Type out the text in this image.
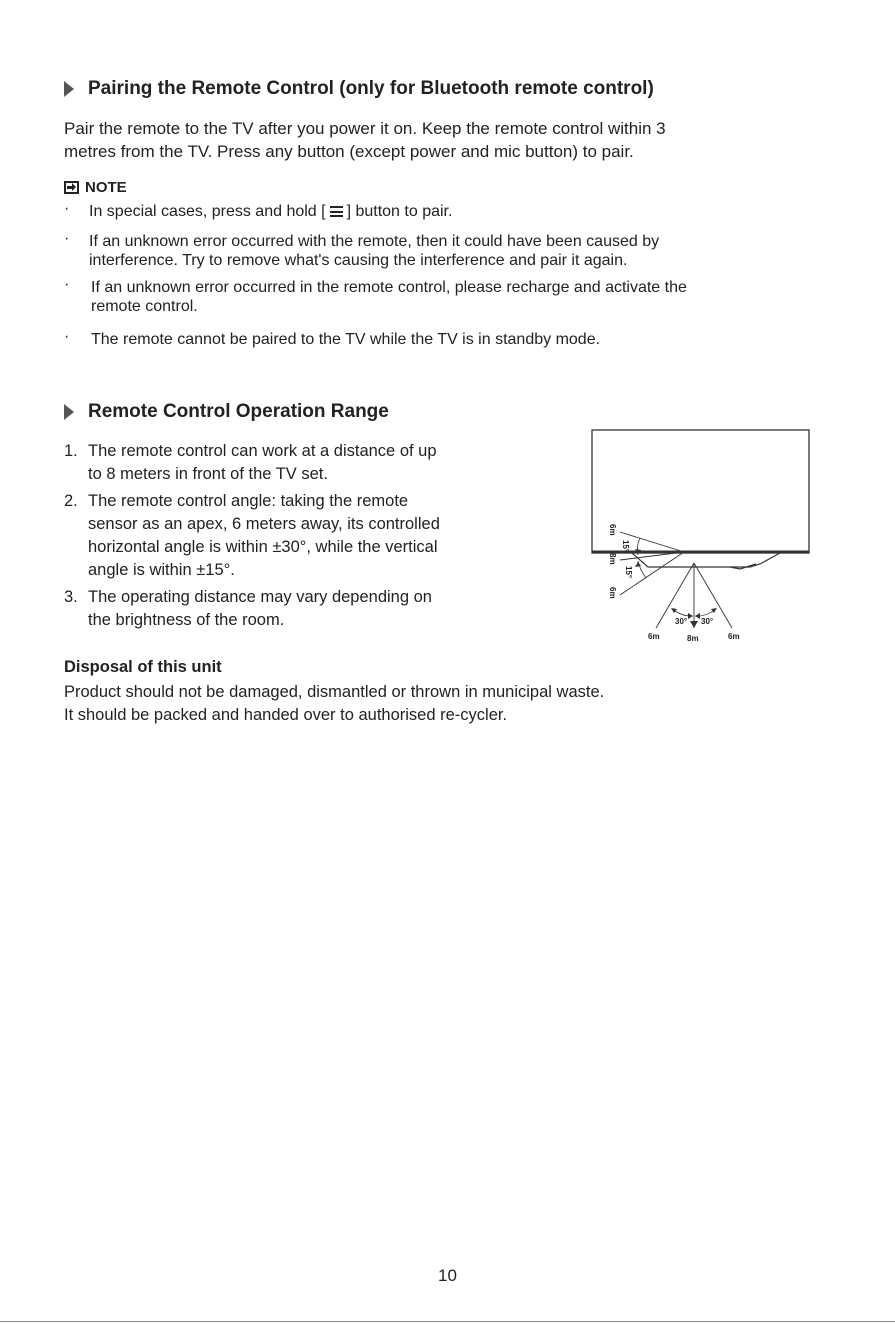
Pairing the Remote Control (only for Bluetooth remote control)
Pair the remote to the TV after you power it on. Keep the remote control within 3
metres from the TV. Press any button (except power and mic button) to pair.
NOTE
· In special cases, press and hold [ ] button to pair.
· If an unknown error occurred with the remote, then it could have been caused by
interference. Try to remove what's causing the interference and pair it again.
· If an unknown error occurred in the remote control, please recharge and activate the
remote control.
· The remote cannot be paired to the TV while the TV is in standby mode.
Remote Control Operation Range
1. The remote control can work at a distance of up
to 8 meters in front of the TV set.
2. The remote control angle: taking the remote
sensor as an apex, 6 meters away, its controlled
horizontal angle is within ±30°, while the vertical
angle is within ±15°.
3. The operating distance may vary depending on
the brightness of the room.
6m
8m
6m
15°
15°
30° 30°
6m	8m	6m
Disposal of this unit
Product should not be damaged, dismantled or thrown in municipal waste.
It should be packed and handed over to authorised re-cycler.
10
